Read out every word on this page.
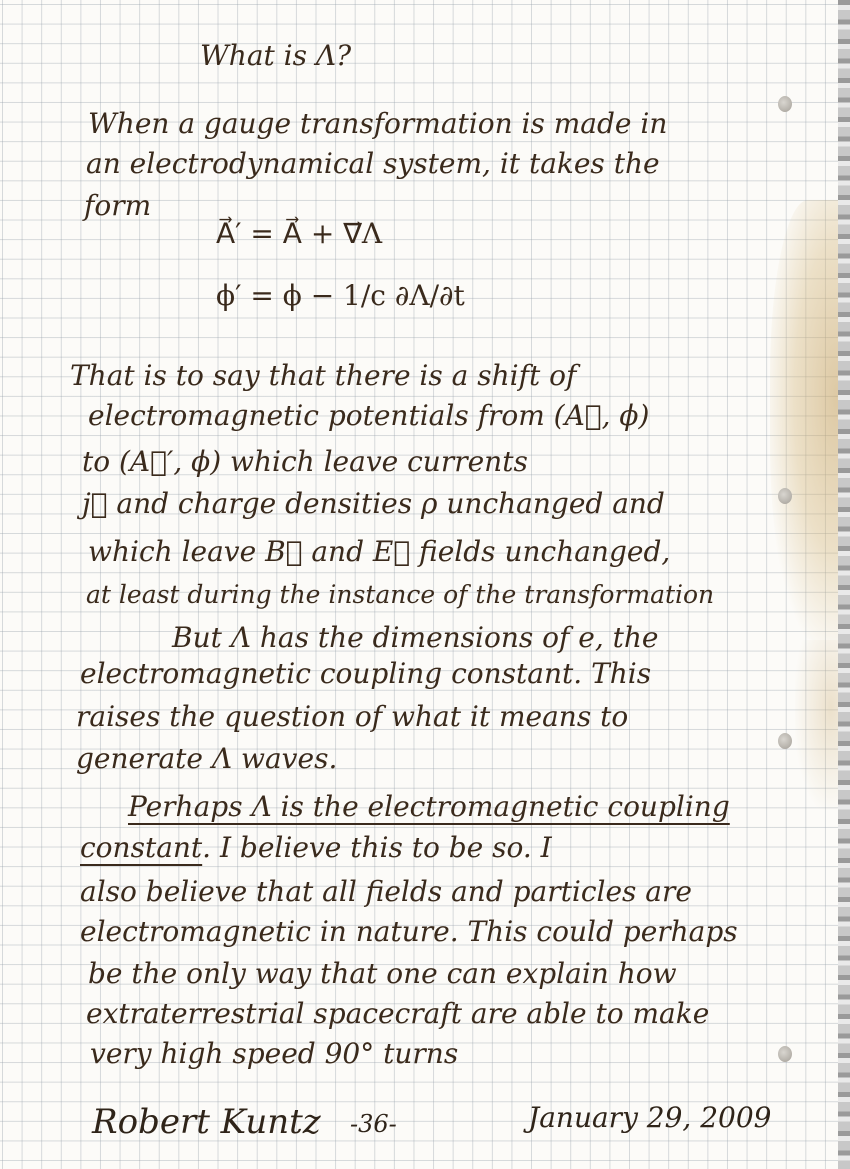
What is Λ?
When a gauge transformation is made in
an electrodynamical system, it takes the
form
A⃗′ = A⃗ + ∇⃗Λ
ϕ′ = ϕ − 1/c ∂Λ/∂t
That is to say that there is a shift of
electromagnetic potentials from (A⃗, ϕ)
to (A⃗′, ϕ) which leave currents
j⃗ and charge densities ρ unchanged and
which leave B⃗ and E⃗ fields unchanged,
at least during the instance of the transformation
But Λ has the dimensions of e, the
electromagnetic coupling constant. This
raises the question of what it means to
generate Λ waves.
Perhaps Λ is the electromagnetic coupling
constant. I believe this to be so. I
also believe that all fields and particles are
electromagnetic in nature. This could perhaps
be the only way that one can explain how
extraterrestrial spacecraft are able to make
very high speed 90° turns
Robert Kuntz -36-	January 29, 2009
